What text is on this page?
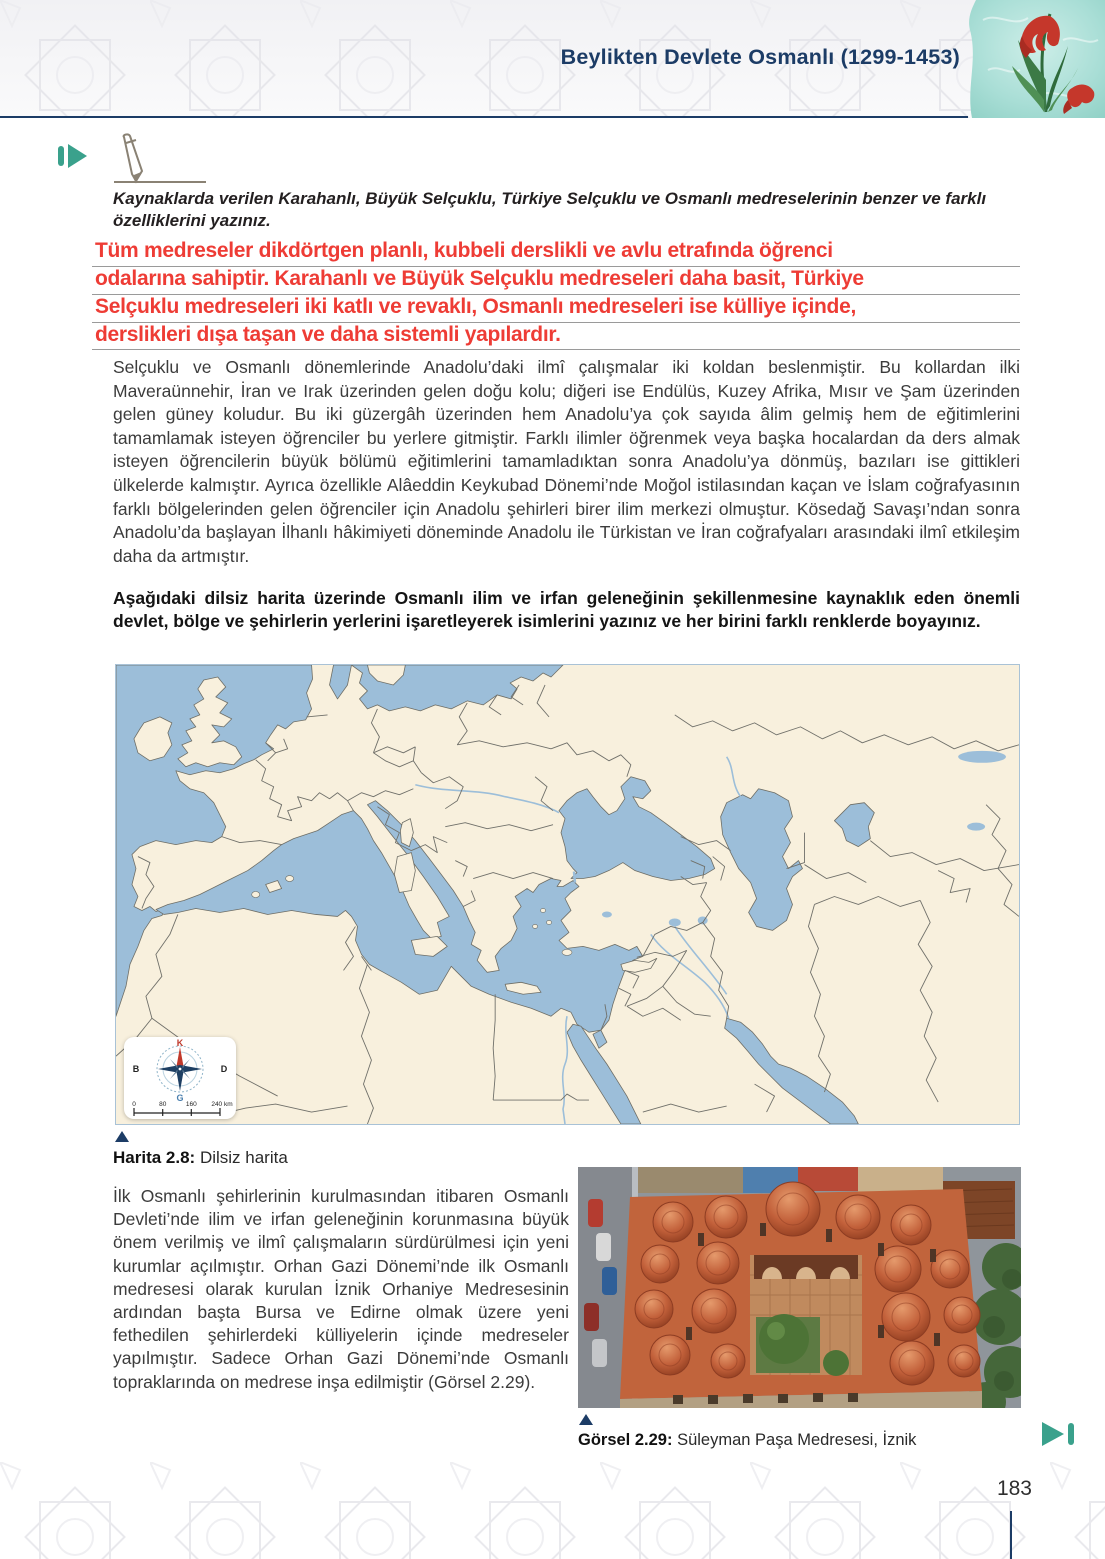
Beylikten Devlete Osmanlı (1299-1453)
Kaynaklarda verilen Karahanlı, Büyük Selçuklu, Türkiye Selçuklu ve Osmanlı medreselerinin benzer ve farklı özelliklerini yazınız.
Tüm medreseler dikdörtgen planlı, kubbeli derslikli ve avlu etrafında öğrenci
odalarına sahiptir. Karahanlı ve Büyük Selçuklu medreseleri daha basit, Türkiye
Selçuklu medreseleri iki katlı ve revaklı, Osmanlı medreseleri ise külliye içinde,
derslikleri dışa taşan ve daha sistemli yapılardır.
Selçuklu ve Osmanlı dönemlerinde Anadolu’daki ilmî çalışmalar iki koldan beslenmiştir. Bu kollardan ilki Maveraünnehir, İran ve Irak üzerinden gelen doğu kolu; diğeri ise Endülüs, Kuzey Afrika, Mısır ve Şam üzerinden gelen güney koludur. Bu iki güzergâh üzerinden hem Anadolu’ya çok sayıda âlim gelmiş hem de eğitimlerini tamamlamak isteyen öğrenciler bu yerlere gitmiştir. Farklı ilimler öğrenmek veya başka hocalardan da ders almak isteyen öğrencilerin büyük bölümü eğitimlerini tamamladıktan sonra Anadolu’ya dönmüş, bazıları ise gittikleri ülkelerde kalmıştır. Ayrıca özellikle Alâeddin Keykubad Dönemi’nde Moğol istilasından kaçan ve İslam coğrafyasının farklı bölgelerinden gelen öğrenciler için Anadolu şehirleri birer ilim merkezi olmuştur. Kösedağ Savaşı’ndan sonra Anadolu’da başlayan İlhanlı hâkimiyeti döneminde Anadolu ile Türkistan ve İran coğrafyaları arasındaki ilmî etkileşim daha da artmıştır.
Aşağıdaki dilsiz harita üzerinde Osmanlı ilim ve irfan geleneğinin şekillenmesine kaynaklık eden önemli devlet, bölge ve şehirlerin yerlerini işaretleyerek isimlerini yazınız ve her birini farklı renklerde boyayınız.
K
D
B
G
0	80	160 240 km
Harita 2.8: Dilsiz harita
İlk Osmanlı şehirlerinin kurulmasından itibaren Osmanlı Devleti’nde ilim ve irfan geleneğinin korunmasına büyük önem verilmiş ve ilmî çalışmaların sürdürülmesi için yeni kurumlar açılmıştır. Orhan Gazi Dönemi’nde ilk Osmanlı medresesi olarak kurulan İznik Orhaniye Medresesinin ardından başta Bursa ve Edirne olmak üzere yeni fethedilen şehirlerdeki külliyelerin içinde medreseler yapılmıştır. Sadece Orhan Gazi Dönemi’nde Osmanlı topraklarında on medrese inşa edilmiştir (Görsel 2.29).
Görsel 2.29: Süleyman Paşa Medresesi, İznik
183
